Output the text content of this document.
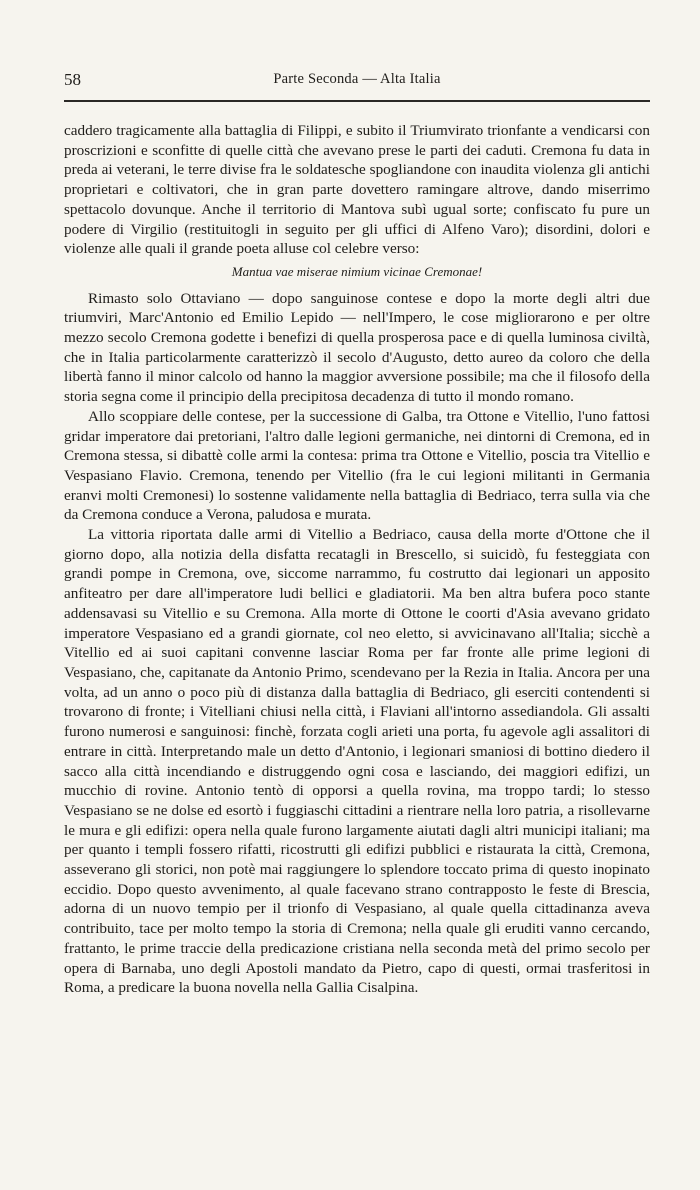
58	Parte Seconda — Alta Italia

caddero tragicamente alla battaglia di Filippi, e subito il Triumvirato trionfante a vendicarsi con proscrizioni e sconfitte di quelle città che avevano prese le parti dei caduti. Cremona fu data in preda ai veterani, le terre divise fra le soldatesche spogliandone con inaudita violenza gli antichi proprietari e coltivatori, che in gran parte dovettero ramingare altrove, dando miserrimo spettacolo dovunque. Anche il territorio di Mantova subì ugual sorte; confiscato fu pure un podere di Virgilio (restituitogli in seguito per gli uffici di Alfeno Varo); disordini, dolori e violenze alle quali il grande poeta alluse col celebre verso:

Mantua vae miserae nimium vicinae Cremonae!

Rimasto solo Ottaviano — dopo sanguinose contese e dopo la morte degli altri due triumviri, Marc'Antonio ed Emilio Lepido — nell'Impero, le cose migliorarono e per oltre mezzo secolo Cremona godette i benefizi di quella prosperosa pace e di quella luminosa civiltà, che in Italia particolarmente caratterizzò il secolo d'Augusto, detto aureo da coloro che della libertà fanno il minor calcolo od hanno la maggior avversione possibile; ma che il filosofo della storia segna come il principio della precipitosa decadenza di tutto il mondo romano.

Allo scoppiare delle contese, per la successione di Galba, tra Ottone e Vitellio, l'uno fattosi gridar imperatore dai pretoriani, l'altro dalle legioni germaniche, nei dintorni di Cremona, ed in Cremona stessa, si dibattè colle armi la contesa: prima tra Ottone e Vitellio, poscia tra Vitellio e Vespasiano Flavio. Cremona, tenendo per Vitellio (fra le cui legioni militanti in Germania eranvi molti Cremonesi) lo sostenne validamente nella battaglia di Bedriaco, terra sulla via che da Cremona conduce a Verona, paludosa e murata.

La vittoria riportata dalle armi di Vitellio a Bedriaco, causa della morte d'Ottone che il giorno dopo, alla notizia della disfatta recatagli in Brescello, si suicidò, fu festeggiata con grandi pompe in Cremona, ove, siccome narrammo, fu costrutto dai legionari un apposito anfiteatro per dare all'imperatore ludi bellici e gladiatorii. Ma ben altra bufera poco stante addensavasi su Vitellio e su Cremona. Alla morte di Ottone le coorti d'Asia avevano gridato imperatore Vespasiano ed a grandi giornate, col neo eletto, si avvicinavano all'Italia; sicchè a Vitellio ed ai suoi capitani convenne lasciar Roma per far fronte alle prime legioni di Vespasiano, che, capitanate da Antonio Primo, scendevano per la Rezia in Italia. Ancora per una volta, ad un anno o poco più di distanza dalla battaglia di Bedriaco, gli eserciti contendenti si trovarono di fronte; i Vitelliani chiusi nella città, i Flaviani all'intorno assediandola. Gli assalti furono numerosi e sanguinosi: finchè, forzata cogli arieti una porta, fu agevole agli assalitori di entrare in città. Interpretando male un detto d'Antonio, i legionari smaniosi di bottino diedero il sacco alla città incendiando e distruggendo ogni cosa e lasciando, dei maggiori edifizi, un mucchio di rovine. Antonio tentò di opporsi a quella rovina, ma troppo tardi; lo stesso Vespasiano se ne dolse ed esortò i fuggiaschi cittadini a rientrare nella loro patria, a risollevarne le mura e gli edifizi: opera nella quale furono largamente aiutati dagli altri municipi italiani; ma per quanto i templi fossero rifatti, ricostrutti gli edifizi pubblici e ristaurata la città, Cremona, asseverano gli storici, non potè mai raggiungere lo splendore toccato prima di questo inopinato eccidio. Dopo questo avvenimento, al quale facevano strano contrapposto le feste di Brescia, adorna di un nuovo tempio per il trionfo di Vespasiano, al quale quella cittadinanza aveva contribuito, tace per molto tempo la storia di Cremona; nella quale gli eruditi vanno cercando, frattanto, le prime traccie della predicazione cristiana nella seconda metà del primo secolo per opera di Barnaba, uno degli Apostoli mandato da Pietro, capo di questi, ormai trasferitosi in Roma, a predicare la buona novella nella Gallia Cisalpina.
